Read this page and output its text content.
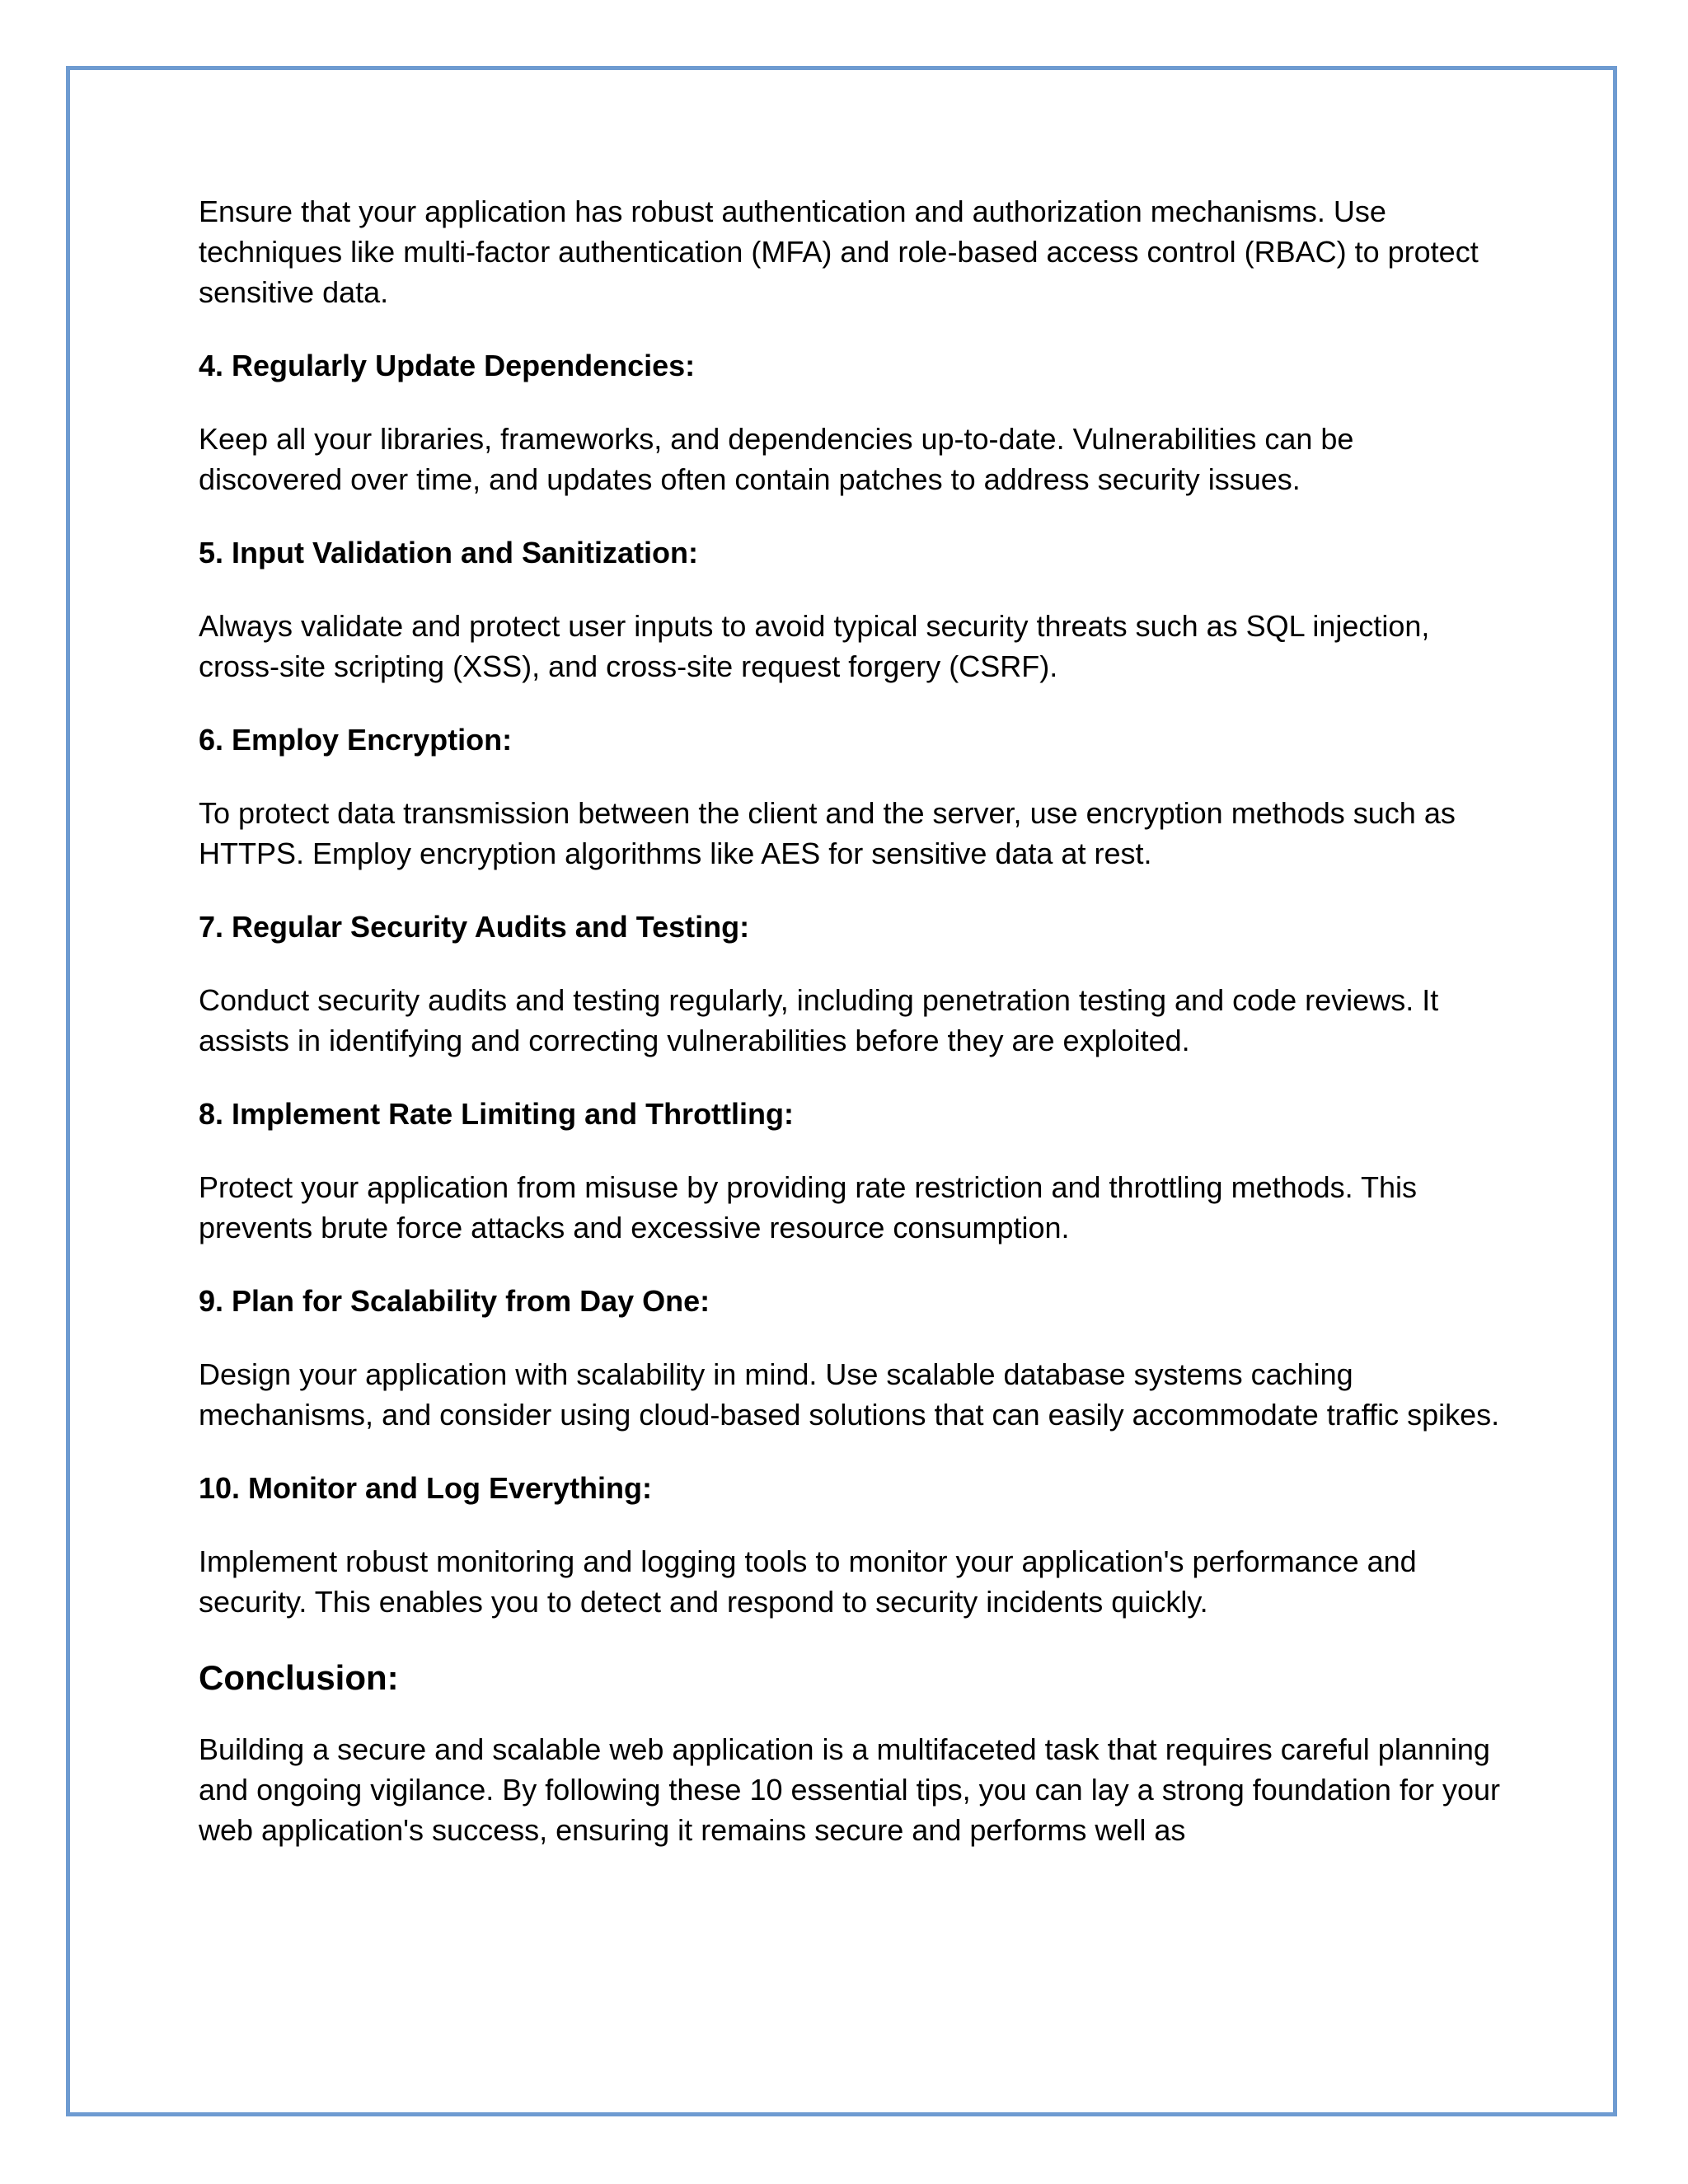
Ensure that your application has robust authentication and authorization mechanisms. Use techniques like multi-factor authentication (MFA) and role-based access control (RBAC) to protect sensitive data.

4. Regularly Update Dependencies:

Keep all your libraries, frameworks, and dependencies up-to-date. Vulnerabilities can be discovered over time, and updates often contain patches to address security issues.

5. Input Validation and Sanitization:

Always validate and protect user inputs to avoid typical security threats such as SQL injection, cross-site scripting (XSS), and cross-site request forgery (CSRF).

6. Employ Encryption:

To protect data transmission between the client and the server, use encryption methods such as HTTPS. Employ encryption algorithms like AES for sensitive data at rest.

7. Regular Security Audits and Testing:

Conduct security audits and testing regularly, including penetration testing and code reviews. It assists in identifying and correcting vulnerabilities before they are exploited.

8. Implement Rate Limiting and Throttling:

Protect your application from misuse by providing rate restriction and throttling methods. This prevents brute force attacks and excessive resource consumption.

9. Plan for Scalability from Day One:

Design your application with scalability in mind. Use scalable database systems caching mechanisms, and consider using cloud-based solutions that can easily accommodate traffic spikes.

10. Monitor and Log Everything:

Implement robust monitoring and logging tools to monitor your application's performance and security. This enables you to detect and respond to security incidents quickly.

Conclusion:

Building a secure and scalable web application is a multifaceted task that requires careful planning and ongoing vigilance. By following these 10 essential tips, you can lay a strong foundation for your web application's success, ensuring it remains secure and performs well as
